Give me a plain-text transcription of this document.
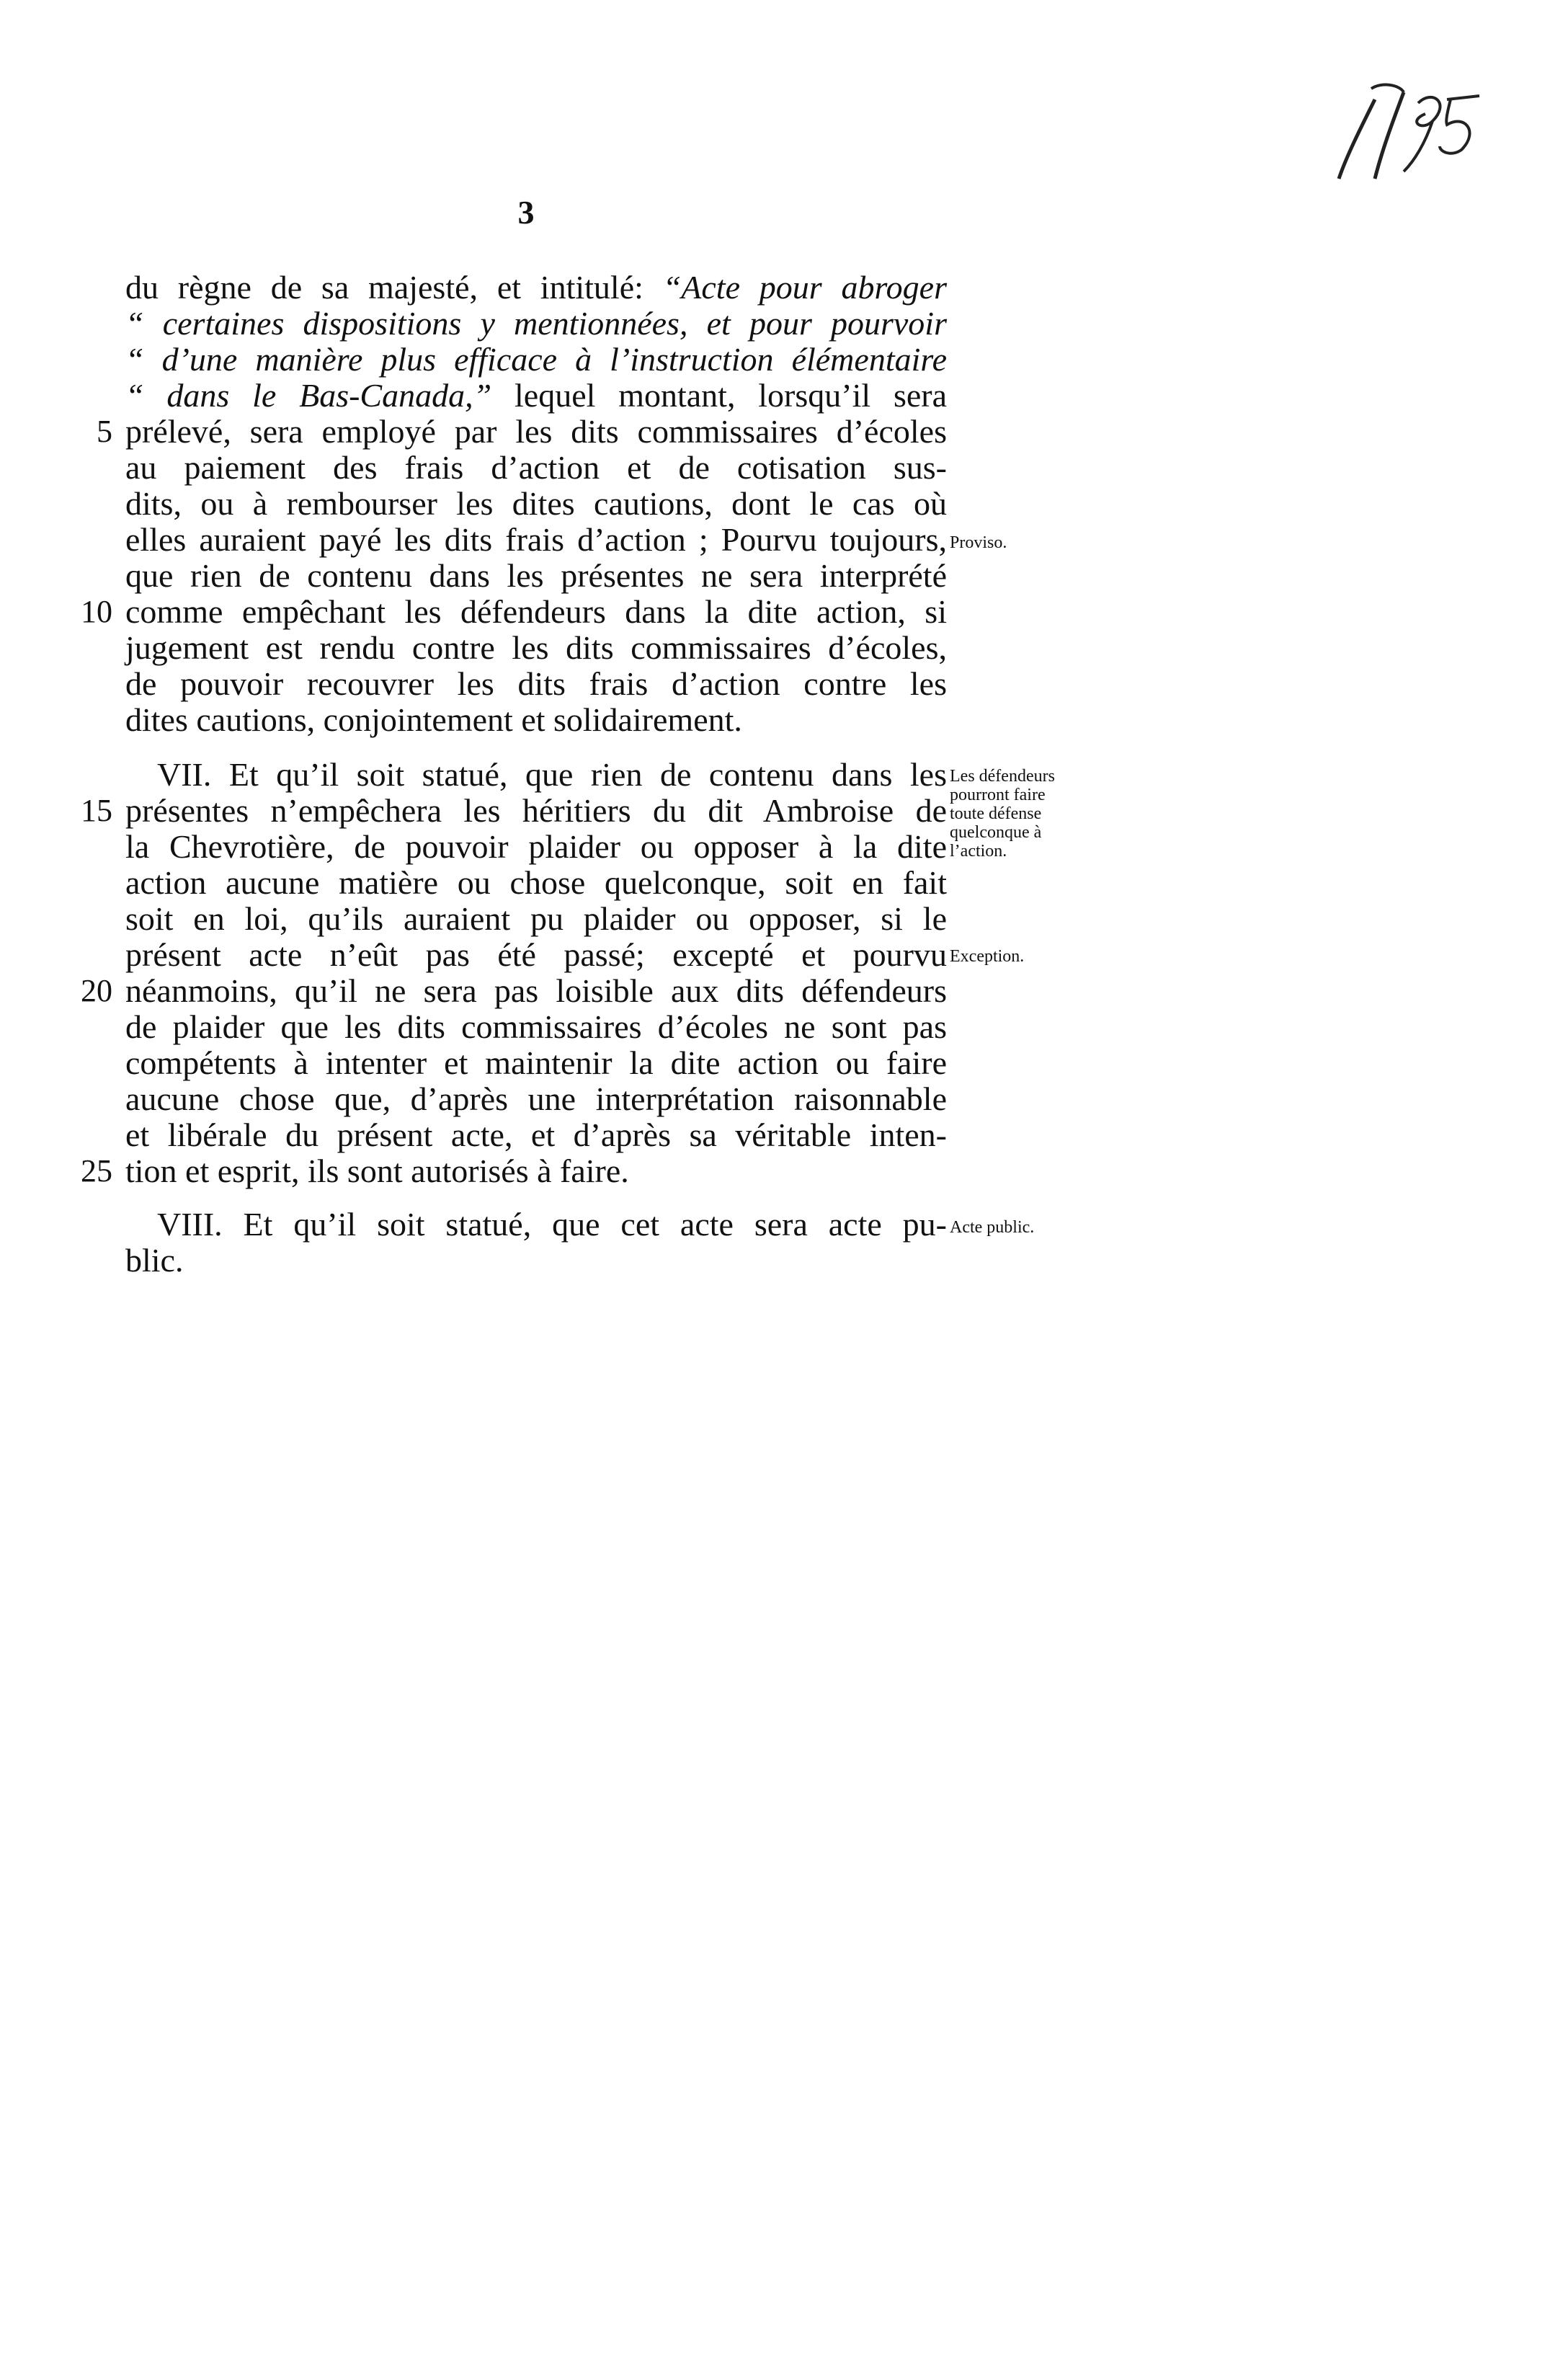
3
du règne de sa majesté, et intitulé: “Acte pour abroger
“ certaines dispositions y mentionnées, et pour pourvoir
“ d’une manière plus efficace à l’instruction élémentaire
“ dans le Bas-Canada,” lequel montant, lorsqu’il sera
prélevé, sera employé par les dits commissaires d’écoles
au paiement des frais d’action et de cotisation sus-
dits, ou à rembourser les dites cautions, dont le cas où
elles auraient payé les dits frais d’action ; Pourvu toujours,
que rien de contenu dans les présentes ne sera interprété
comme empêchant les défendeurs dans la dite action, si
jugement est rendu contre les dits commissaires d’écoles,
de pouvoir recouvrer les dits frais d’action contre les
dites cautions, conjointement et solidairement.
VII. Et qu’il soit statué, que rien de contenu dans les
présentes n’empêchera les héritiers du dit Ambroise de
la Chevrotière, de pouvoir plaider ou opposer à la dite
action aucune matière ou chose quelconque, soit en fait
soit en loi, qu’ils auraient pu plaider ou opposer, si le
présent acte n’eût pas été passé; excepté et pourvu
néanmoins, qu’il ne sera pas loisible aux dits défendeurs
de plaider que les dits commissaires d’écoles ne sont pas
compétents à intenter et maintenir la dite action ou faire
aucune chose que, d’après une interprétation raisonnable
et libérale du présent acte, et d’après sa véritable inten-
tion et esprit, ils sont autorisés à faire.
VIII. Et qu’il soit statué, que cet acte sera acte pu-
blic.
5
10
15
20
25
Proviso.
Les défendeurs
pourront faire
toute défense
quelconque à
l’action.
Exception.
Acte public.
